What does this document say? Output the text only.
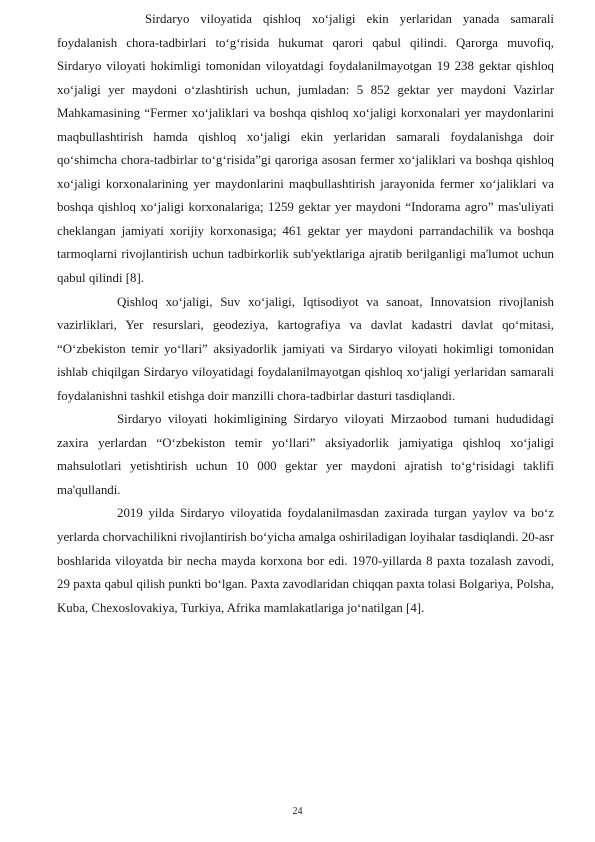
Sirdaryo viloyatida qishloq xo‘jaligi ekin yerlaridan yanada samarali foydalanish chora-tadbirlari to‘g‘risida hukumat qarori qabul qilindi. Qarorga muvofiq, Sirdaryo viloyati hokimligi tomonidan viloyatdagi foydalanilmayotgan 19 238 gektar qishloq xo‘jaligi yer maydoni o‘zlashtirish uchun, jumladan: 5 852 gektar yer maydoni Vazirlar Mahkamasining “Fermer xo‘jaliklari va boshqa qishloq xo‘jaligi korxonalari yer maydonlarini maqbullashtirish hamda qishloq xo‘jaligi ekin yerlaridan samarali foydalanishga doir qo‘shimcha chora-tadbirlar to‘g‘risida”gi qaroriga asosan fermer xo‘jaliklari va boshqa qishloq xo‘jaligi korxonalarining yer maydonlarini maqbullashtirish jarayonida fermer xo‘jaliklari va boshqa qishloq xo‘jaligi korxonalariga; 1259 gektar yer maydoni “Indorama agro” mas'uliyati cheklangan jamiyati xorijiy korxonasiga; 461 gektar yer maydoni parrandachilik va boshqa tarmoqlarni rivojlantirish uchun tadbirkorlik sub'yektlariga ajratib berilganligi ma'lumot uchun qabul qilindi [8].

Qishloq xo‘jaligi, Suv xo‘jaligi, Iqtisodiyot va sanoat, Innovatsion rivojlanish vazirliklari, Yer resurslari, geodeziya, kartografiya va davlat kadastri davlat qo‘mitasi, “O‘zbekiston temir yo‘llari” aksiyadorlik jamiyati va Sirdaryo viloyati hokimligi tomonidan ishlab chiqilgan Sirdaryo viloyatidagi foydalanilmayotgan qishloq xo‘jaligi yerlaridan samarali foydalanishni tashkil etishga doir manzilli chora-tadbirlar dasturi tasdiqlandi.

Sirdaryo viloyati hokimligining Sirdaryo viloyati Mirzaobod tumani hududidagi zaxira yerlardan “O‘zbekiston temir yo‘llari” aksiyadorlik jamiyatiga qishloq xo‘jaligi mahsulotlari yetishtirish uchun 10 000 gektar yer maydoni ajratish to‘g‘risidagi taklifi ma'qullandi.

2019 yilda Sirdaryo viloyatida foydalanilmasdan zaxirada turgan yaylov va bo‘z yerlarda chorvachilikni rivojlantirish bo‘yicha amalga oshiriladigan loyihalar tasdiqlandi. 20-asr boshlarida viloyatda bir necha mayda korxona bor edi. 1970-yillarda 8 paxta tozalash zavodi, 29 paxta qabul qilish punkti bo‘lgan. Paxta zavodlaridan chiqqan paxta tolasi Bolgariya, Polsha, Kuba, Chexoslovakiya, Turkiya, Afrika mamlakatlariga jo‘natilgan [4].

24
